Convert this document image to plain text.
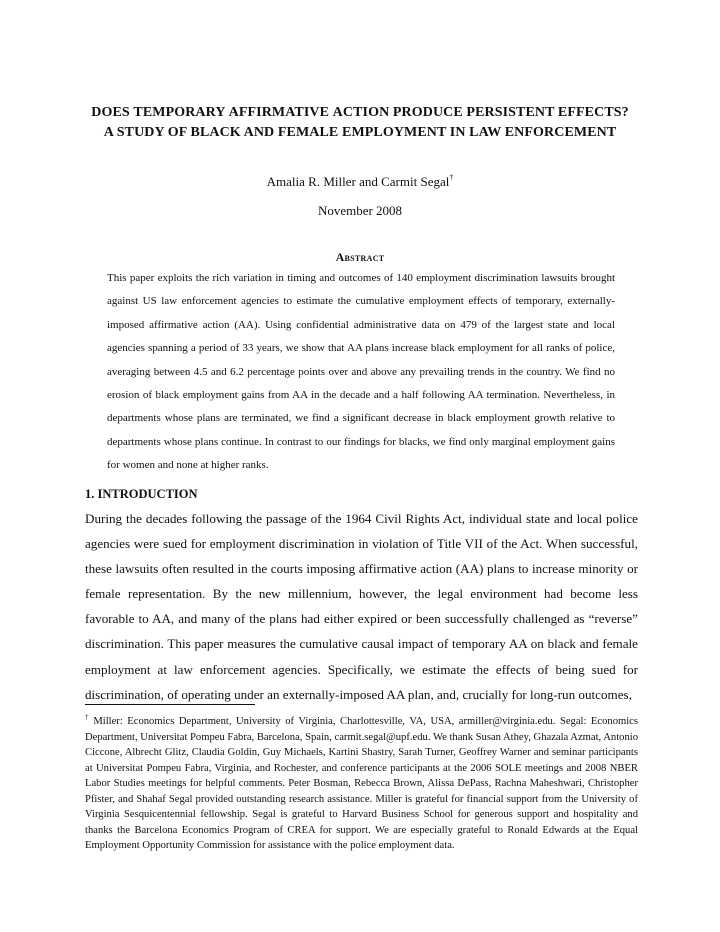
DOES TEMPORARY AFFIRMATIVE ACTION PRODUCE PERSISTENT EFFECTS?
A STUDY OF BLACK AND FEMALE EMPLOYMENT IN LAW ENFORCEMENT
Amalia R. Miller and Carmit Segal†
November 2008
Abstract

This paper exploits the rich variation in timing and outcomes of 140 employment discrimination lawsuits brought against US law enforcement agencies to estimate the cumulative employment effects of temporary, externally-imposed affirmative action (AA). Using confidential administrative data on 479 of the largest state and local agencies spanning a period of 33 years, we show that AA plans increase black employment for all ranks of police, averaging between 4.5 and 6.2 percentage points over and above any prevailing trends in the country. We find no erosion of black employment gains from AA in the decade and a half following AA termination. Nevertheless, in departments whose plans are terminated, we find a significant decrease in black employment growth relative to departments whose plans continue. In contrast to our findings for blacks, we find only marginal employment gains for women and none at higher ranks.

1. INTRODUCTION

During the decades following the passage of the 1964 Civil Rights Act, individual state and local police agencies were sued for employment discrimination in violation of Title VII of the Act. When successful, these lawsuits often resulted in the courts imposing affirmative action (AA) plans to increase minority or female representation. By the new millennium, however, the legal environment had become less favorable to AA, and many of the plans had either expired or been successfully challenged as “reverse” discrimination. This paper measures the cumulative causal impact of temporary AA on black and female employment at law enforcement agencies. Specifically, we estimate the effects of being sued for discrimination, of operating under an externally-imposed AA plan, and, crucially for long-run outcomes,

† Miller: Economics Department, University of Virginia, Charlottesville, VA, USA, armiller@virginia.edu. Segal: Economics Department, Universitat Pompeu Fabra, Barcelona, Spain, carmit.segal@upf.edu. We thank Susan Athey, Ghazala Azmat, Antonio Ciccone, Albrecht Glitz, Claudia Goldin, Guy Michaels, Kartini Shastry, Sarah Turner, Geoffrey Warner and seminar participants at Universitat Pompeu Fabra, Virginia, and Rochester, and conference participants at the 2006 SOLE meetings and 2008 NBER Labor Studies meetings for helpful comments. Peter Bosman, Rebecca Brown, Alissa DePass, Rachna Maheshwari, Christopher Pfister, and Shahaf Segal provided outstanding research assistance. Miller is grateful for financial support from the University of Virginia Sesquicentennial fellowship. Segal is grateful to Harvard Business School for generous support and hospitality and thanks the Barcelona Economics Program of CREA for support. We are especially grateful to Ronald Edwards at the Equal Employment Opportunity Commission for assistance with the police employment data.
